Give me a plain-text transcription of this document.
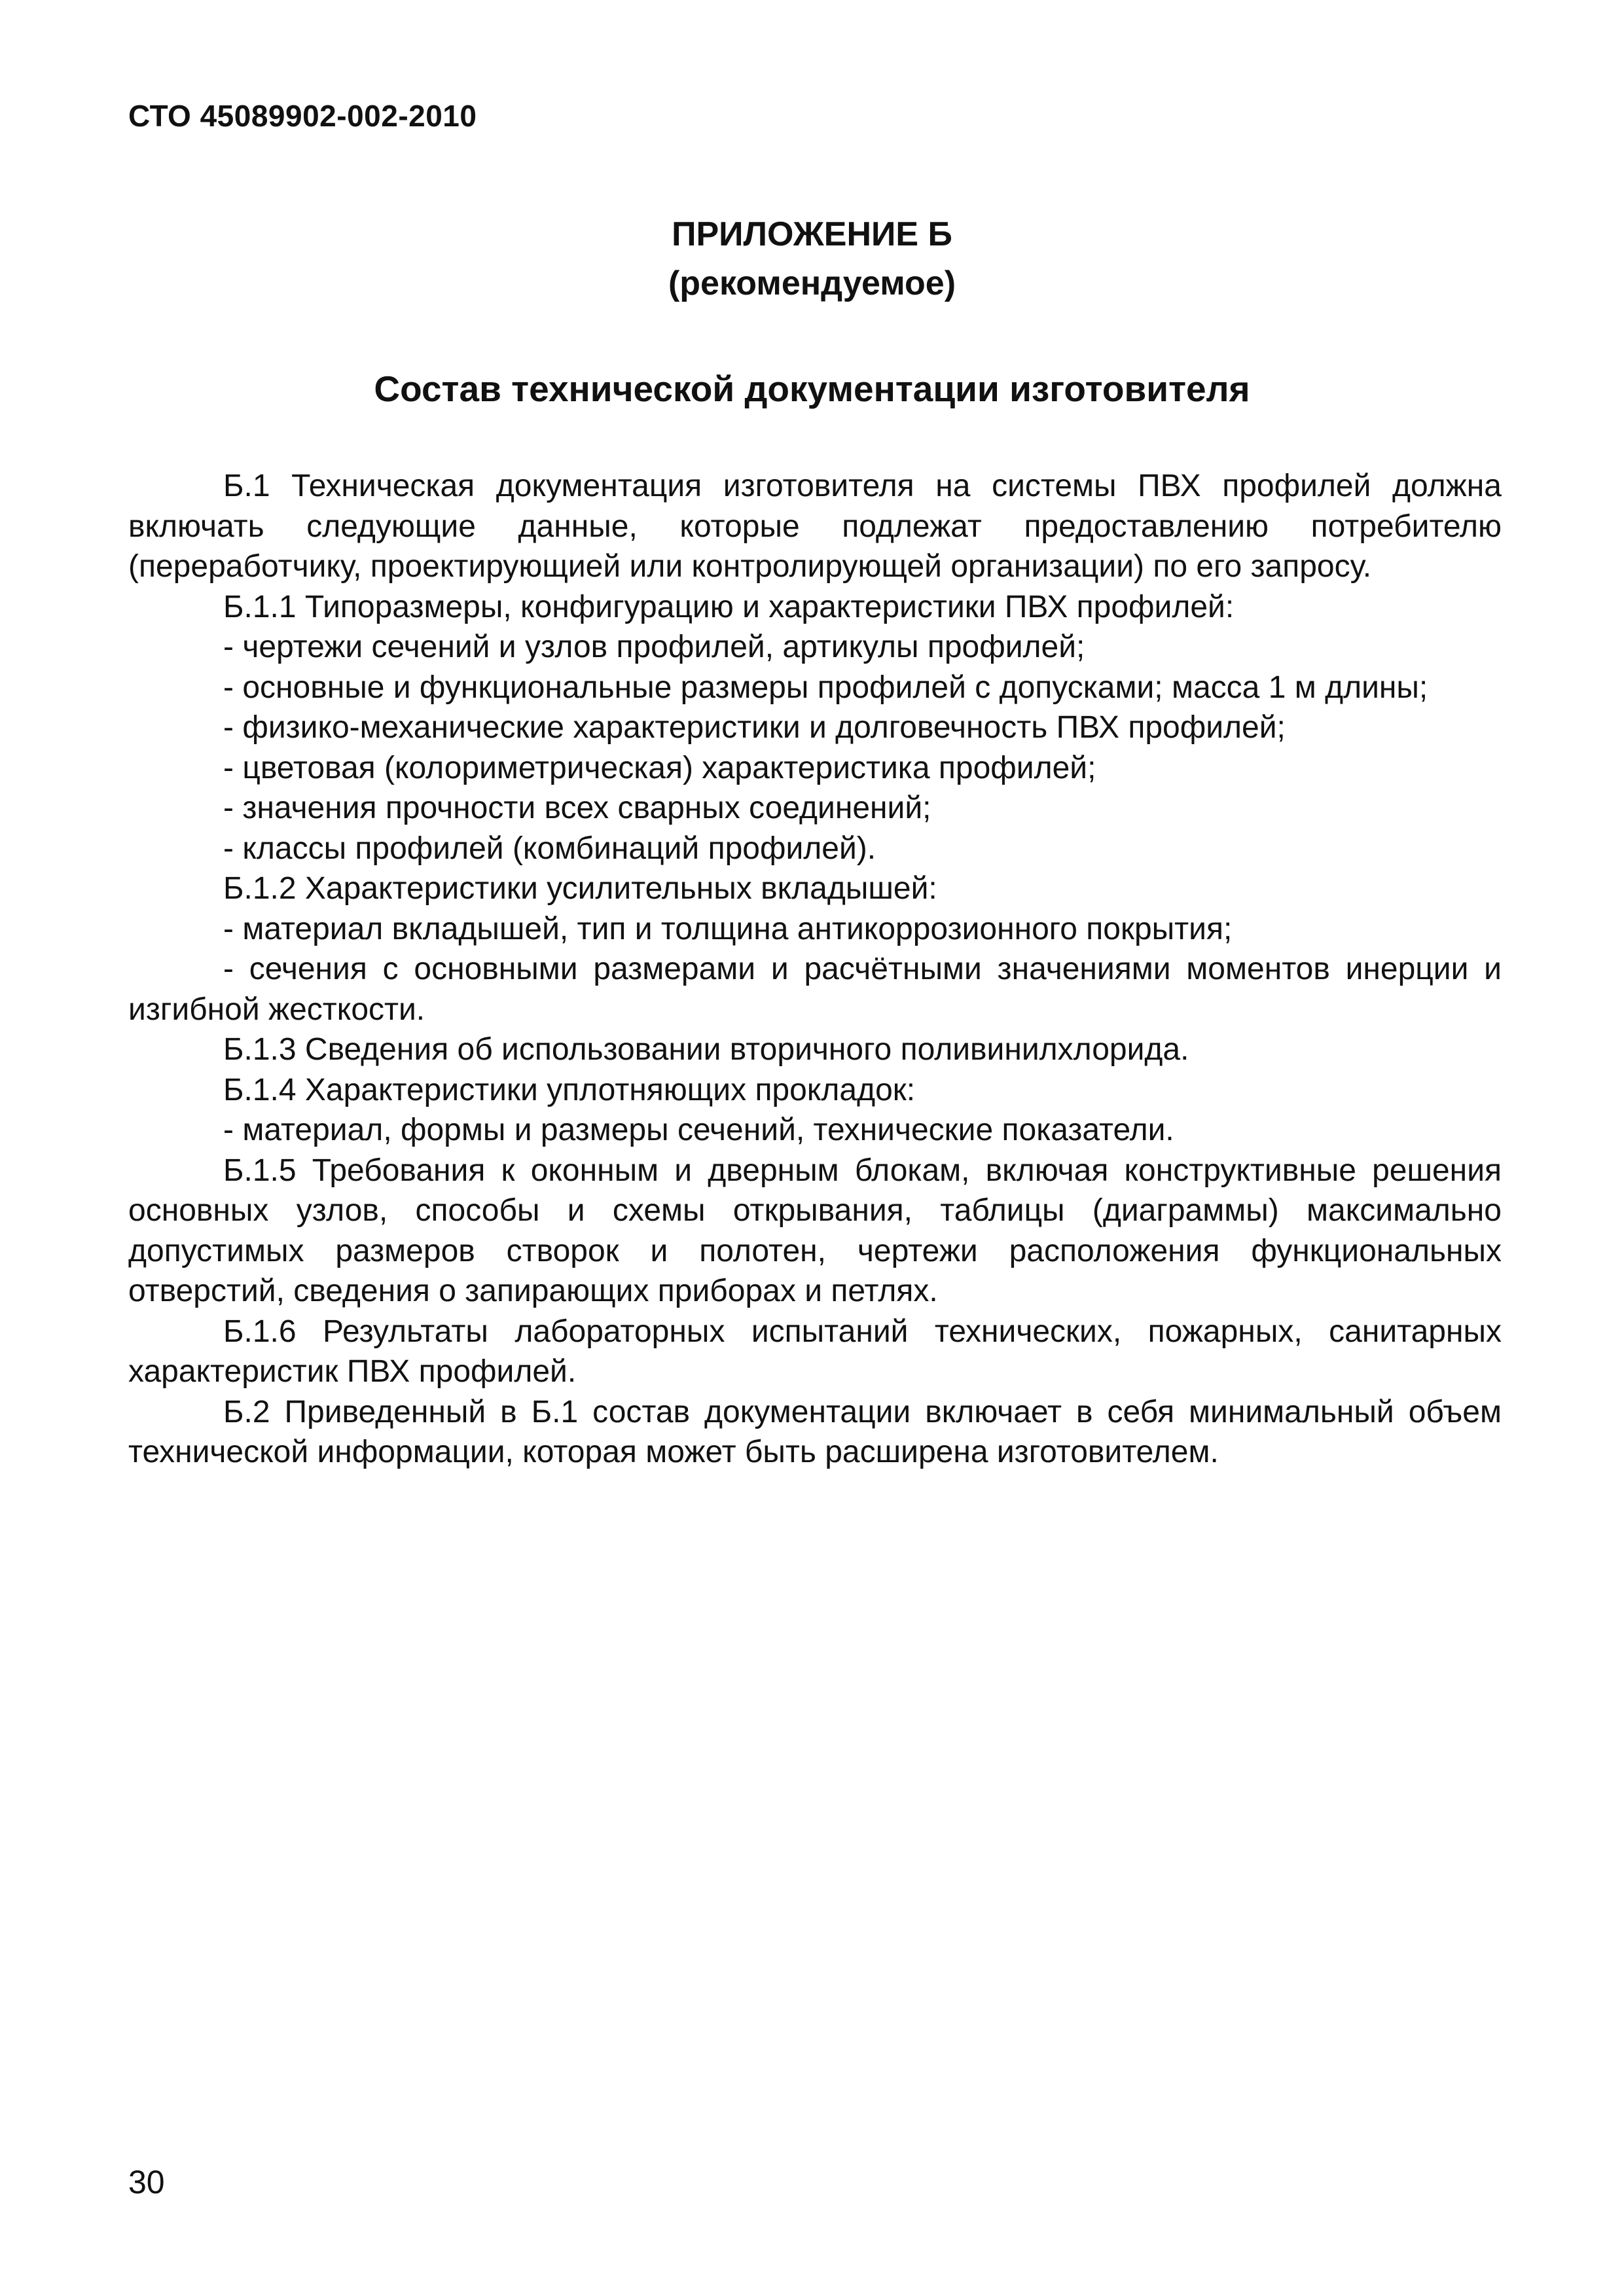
СТО 45089902-002-2010
ПРИЛОЖЕНИЕ Б
(рекомендуемое)
Состав технической документации изготовителя

Б.1 Техническая документация изготовителя на системы ПВХ профилей должна включать следующие данные, которые подлежат предоставлению потребителю (переработчику, проектирующией или контролирующей организации) по его запросу.

Б.1.1 Типоразмеры, конфигурацию и характеристики ПВХ профилей:

- чертежи сечений и узлов профилей, артикулы профилей;

- основные и функциональные размеры профилей с допусками; масса 1 м длины;

- физико-механические характеристики и долговечность ПВХ профилей;

- цветовая (колориметрическая) характеристика профилей;

- значения прочности всех сварных соединений;

- классы профилей (комбинаций профилей).

Б.1.2 Характеристики усилительных вкладышей:

- материал вкладышей, тип и толщина антикоррозионного покрытия;

- сечения с основными размерами и расчётными значениями моментов инерции и изгибной жесткости.

Б.1.3 Сведения об использовании вторичного поливинилхлорида.

Б.1.4 Характеристики уплотняющих прокладок:

- материал, формы и размеры сечений, технические показатели.

Б.1.5 Требования к оконным и дверным блокам, включая конструктивные решения основных узлов, способы и схемы открывания, таблицы (диаграммы) максимально допустимых размеров створок и полотен, чертежи расположения функциональных отверстий, сведения о запирающих приборах и петлях.

Б.1.6 Результаты лабораторных испытаний технических, пожарных, санитарных характеристик ПВХ профилей.

Б.2 Приведенный в Б.1 состав документации включает в себя минимальный объем технической информации, которая может быть расширена изготовителем.

30
